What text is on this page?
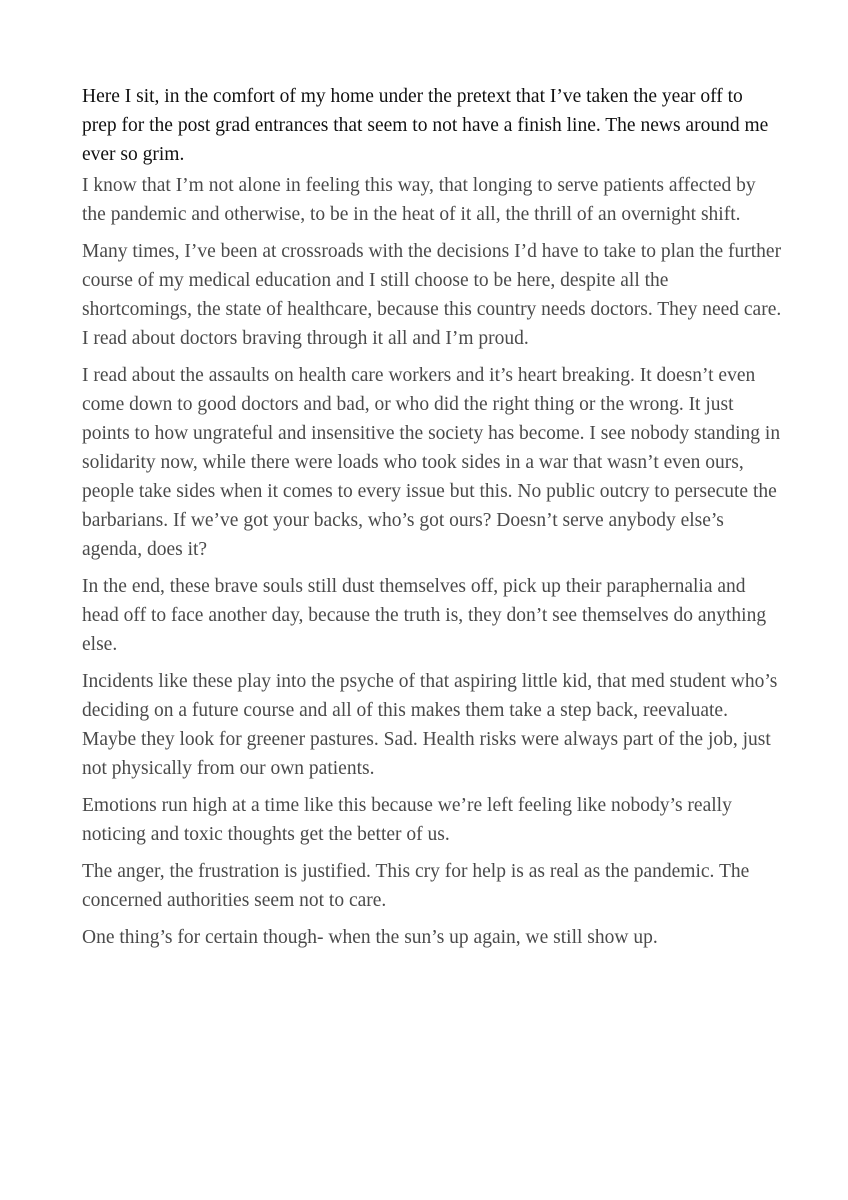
Here I sit, in the comfort of my home under the pretext that I’ve taken the year off to prep for the post grad entrances that seem to not have a finish line. The news around me ever so grim.

I know that I’m not alone in feeling this way, that longing to serve patients affected by the pandemic and otherwise, to be in the heat of it all, the thrill of an overnight shift.

Many times, I’ve been at crossroads with the decisions I’d have to take to plan the further course of my medical education and I still choose to be here, despite all the shortcomings, the state of healthcare, because this country needs doctors. They need care. I read about doctors braving through it all and I’m proud.

I read about the assaults on health care workers and it’s heart breaking. It doesn’t even come down to good doctors and bad, or who did the right thing or the wrong. It just points to how ungrateful and insensitive the society has become. I see nobody standing in solidarity now, while there were loads who took sides in a war that wasn’t even ours, people take sides when it comes to every issue but this. No public outcry to persecute the barbarians. If we’ve got your backs, who’s got ours? Doesn’t serve anybody else’s agenda, does it?

In the end, these brave souls still dust themselves off, pick up their paraphernalia and head off to face another day, because the truth is, they don’t see themselves do anything else.

Incidents like these play into the psyche of that aspiring little kid, that med student who’s deciding on a future course and all of this makes them take a step back, reevaluate. Maybe they look for greener pastures. Sad. Health risks were always part of the job, just not physically from our own patients.

Emotions run high at a time like this because we’re left feeling like nobody’s really noticing and toxic thoughts get the better of us.

The anger, the frustration is justified. This cry for help is as real as the pandemic. The concerned authorities seem not to care.

One thing’s for certain though- when the sun’s up again, we still show up.
